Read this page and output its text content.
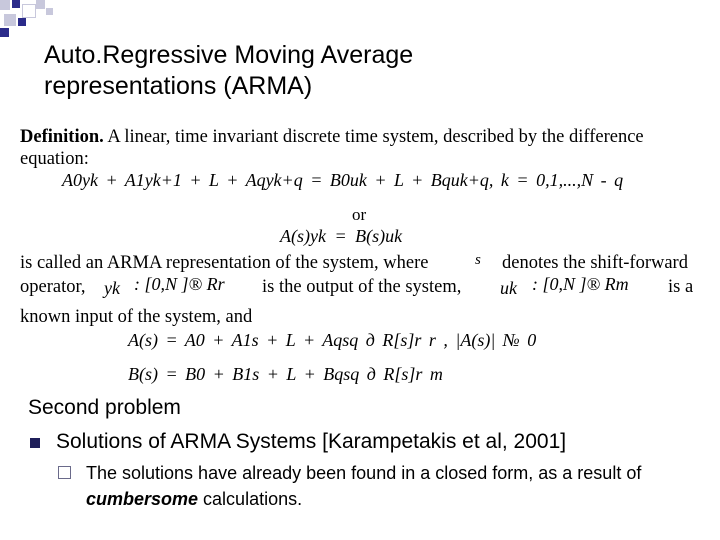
Auto.Regressive Moving Average
representations (ARMA)
Definition. A linear, time invariant discrete time system, described by the difference
equation:
A0yk + A1yk+1 + L + Aqyk+q = B0uk + L + Bquk+q, k = 0,1,...,N - q
or
A(s)yk = B(s)uk
is called an ARMA representation of the system, where	s denotes the shift-forward
operator, yk : [0,N ]® Rr is the output of the system, uk : [0,N ]® Rm is a
known input of the system, and
A(s) = A0 + A1s + L + Aqsq д R[s]r r , |A(s)| № 0
B(s) = B0 + B1s + L + Bqsq д R[s]r m
Second problem
Solutions of ARMA Systems [Karampetakis et al, 2001]
The solutions have already been found in a closed form, as a result of cumbersome calculations.
